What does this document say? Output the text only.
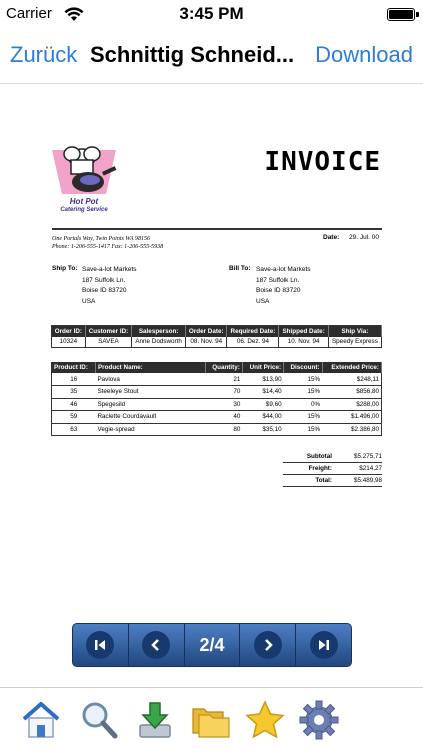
Carrier	3:45 PM
Zurück Schnittig Schneid... Download
Hot Pot
Catering Service
INVOICE
One Portals Way, Twin Points WA 98156
Phone: 1-206-555-1417 Fax: 1-206-555-5938
Date: 29. Jul. 00
Ship To: Save-a-lot Markets
187 Suffolk Ln.
Boise ID 83720
USA
Bill To: Save-a-lot Markets
187 Suffolk Ln.
Boise ID 83720
USA
Order ID:	Customer ID:	Salesperson:	Order Date:	Required Date:	Shipped Date:	Ship Via:
10324	SAVEA	Anne Dodsworth	08. Nov. 94	06. Dez. 94	10. Nov. 94	Speedy Express
Product ID:	Product Name:	Quantity:	Unit Price:	Discount:	Extended Price:
16	Pavlova	21	$13,90	15%	$248,11
35	Steeleye Stout	70	$14,40	15%	$856,80
46	Spegesild	30	$9,60	0%	$288,00
59	Raclette Courdavault	40	$44,00	15%	$1.496,00
63	Vegie-spread	80	$35,10	15%	$2.386,80
Subtotal	$5.275,71
Freight:	$214,27
Total:	$5.489,98
2/4
